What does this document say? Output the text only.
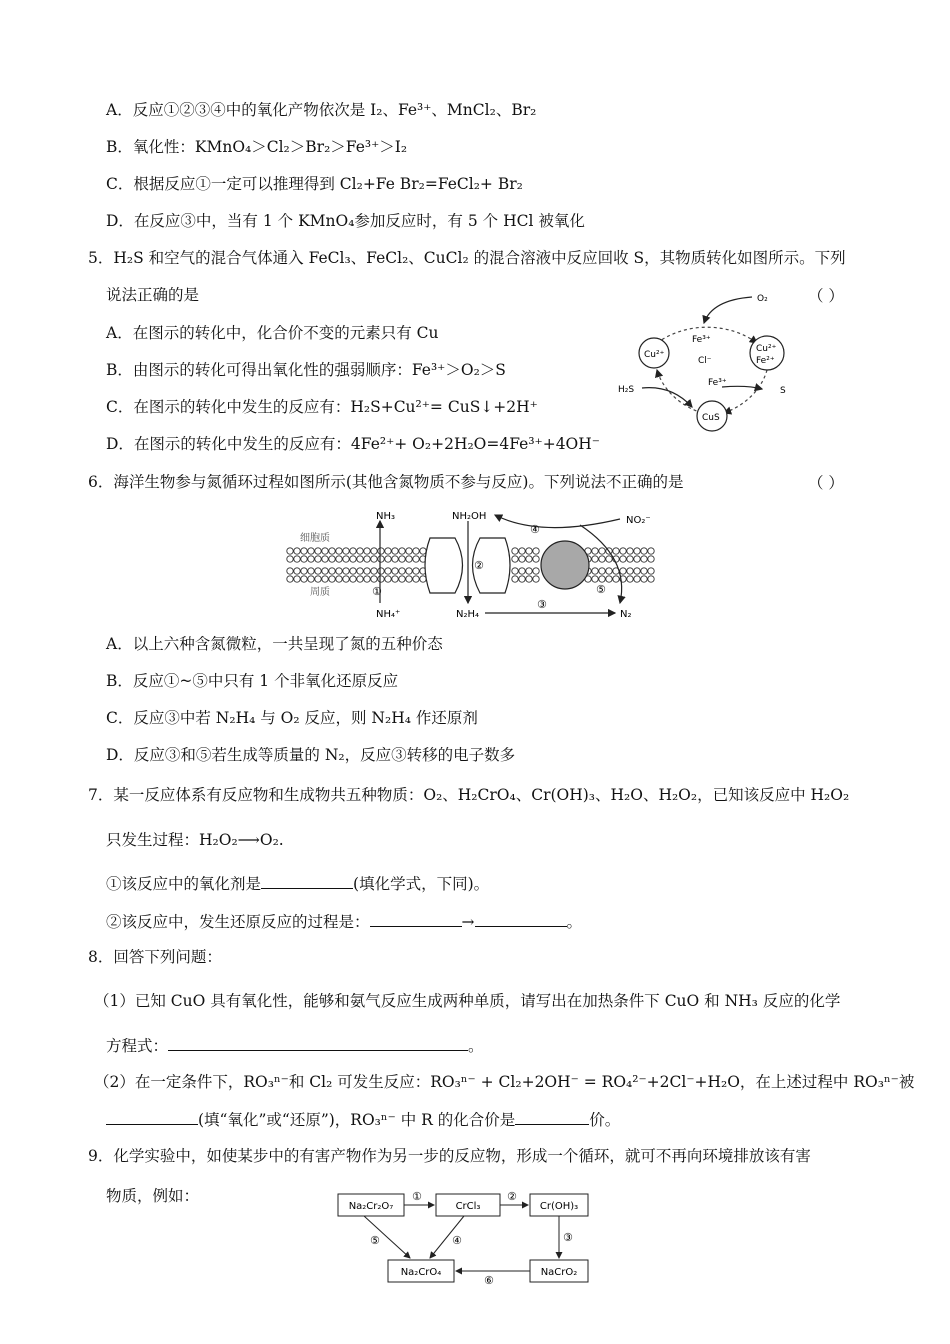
A．反应①②③④中的氧化产物依次是 I₂、Fe³⁺、MnCl₂、Br₂
B．氧化性：KMnO₄＞Cl₂＞Br₂＞Fe³⁺＞I₂
C．根据反应①一定可以推理得到 Cl₂+Fe Br₂=FeCl₂+ Br₂
D．在反应③中，当有 1 个 KMnO₄参加反应时，有 5 个 HCl 被氧化
5．H₂S 和空气的混合气体通入 FeCl₃、FeCl₂、CuCl₂ 的混合溶液中反应回收 S，其物质转化如图所示。下列
说法正确的是	（ ）
A．在图示的转化中，化合价不变的元素只有 Cu
B．由图示的转化可得出氧化性的强弱顺序：Fe³⁺＞O₂＞S
C．在图示的转化中发生的反应有：H₂S+Cu²⁺= CuS↓+2H⁺
D．在图示的转化中发生的反应有：4Fe²⁺+ O₂+2H₂O=4Fe³⁺+4OH⁻
O₂
Cu²⁺
Fe³⁺
Cl⁻
Cu²⁺
Fe²⁺
H₂S
Fe³⁺
S
CuS
6．海洋生物参与氮循环过程如图所示(其他含氮物质不参与反应)。下列说法不正确的是	（ ）
细胞质
周质
NH₃	NH₂OH	NO₂⁻
NH₄⁺	N₂H₄	N₂
①
②
③
④
⑤
A．以上六种含氮微粒，一共呈现了氮的五种价态
B．反应①~⑤中只有 1 个非氧化还原反应
C．反应③中若 N₂H₄ 与 O₂ 反应，则 N₂H₄ 作还原剂
D．反应③和⑤若生成等质量的 N₂，反应③转移的电子数多
7．某一反应体系有反应物和生成物共五种物质：O₂、H₂CrO₄、Cr(OH)₃、H₂O、H₂O₂，已知该反应中 H₂O₂
只发生过程：H₂O₂⟶O₂.
①该反应中的氧化剂是	(填化学式，下同)。
②该反应中，发生还原反应的过程是：	→	。
8．回答下列问题：
（1）已知 CuO 具有氧化性，能够和氨气反应生成两种单质，请写出在加热条件下 CuO 和 NH₃ 反应的化学
方程式：	。
（2）在一定条件下，RO₃ⁿ⁻和 Cl₂ 可发生反应：RO₃ⁿ⁻ + Cl₂+2OH⁻ = RO₄²⁻+2Cl⁻+H₂O，在上述过程中 RO₃ⁿ⁻被
(填“氧化”或“还原”)，RO₃ⁿ⁻ 中 R 的化合价是	价。
9．化学实验中，如使某步中的有害产物作为另一步的反应物，形成一个循环，就可不再向环境排放该有害
物质，例如：
Na₂Cr₂O₇	CrCl₃	Cr(OH)₃
Na₂CrO₄	NaCrO₂
①	②
③
④
⑤
⑥
